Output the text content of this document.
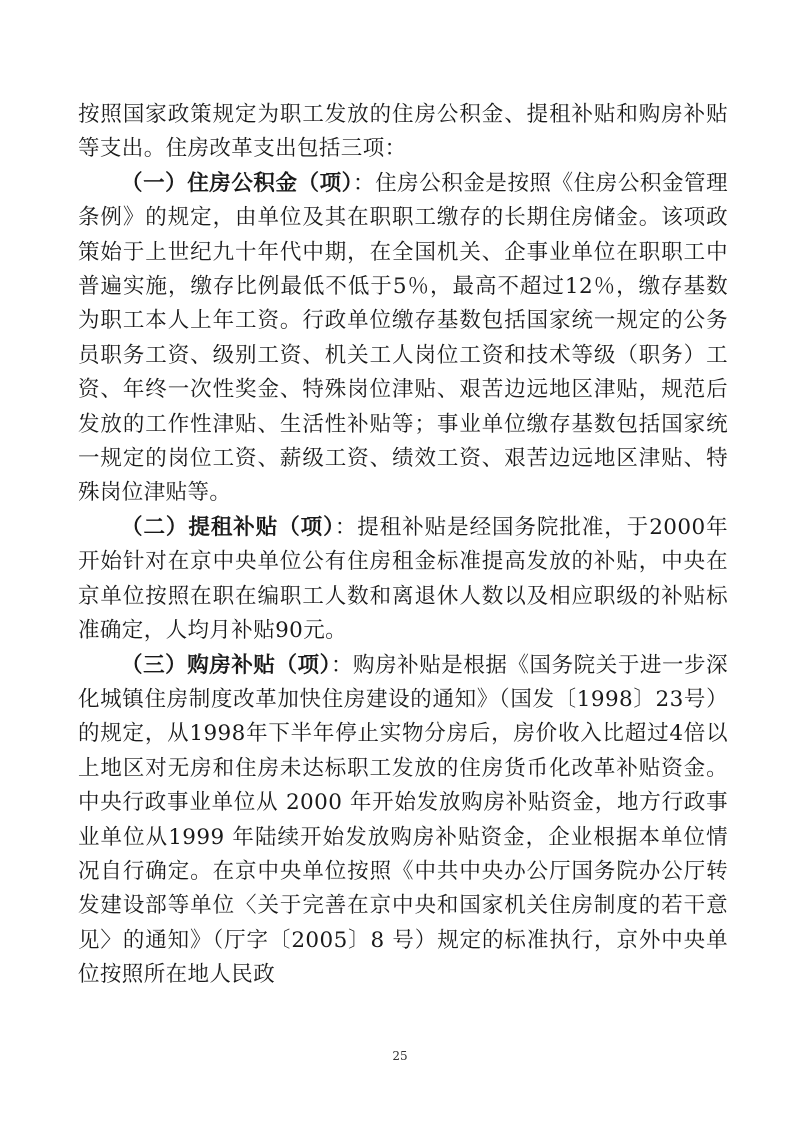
按照国家政策规定为职工发放的住房公积金、提租补贴和购房补贴等支出。住房改革支出包括三项：

（一）住房公积金（项）：住房公积金是按照《住房公积金管理条例》的规定，由单位及其在职职工缴存的长期住房储金。该项政策始于上世纪九十年代中期，在全国机关、企事业单位在职职工中普遍实施，缴存比例最低不低于5％，最高不超过12％，缴存基数为职工本人上年工资。行政单位缴存基数包括国家统一规定的公务员职务工资、级别工资、机关工人岗位工资和技术等级（职务）工资、年终一次性奖金、特殊岗位津贴、艰苦边远地区津贴，规范后发放的工作性津贴、生活性补贴等；事业单位缴存基数包括国家统一规定的岗位工资、薪级工资、绩效工资、艰苦边远地区津贴、特殊岗位津贴等。

（二）提租补贴（项）：提租补贴是经国务院批准，于2000年开始针对在京中央单位公有住房租金标准提高发放的补贴，中央在京单位按照在职在编职工人数和离退休人数以及相应职级的补贴标准确定，人均月补贴90元。

（三）购房补贴（项）：购房补贴是根据《国务院关于进一步深化城镇住房制度改革加快住房建设的通知》（国发〔1998〕23号）的规定，从1998年下半年停止实物分房后，房价收入比超过4倍以上地区对无房和住房未达标职工发放的住房货币化改革补贴资金。中央行政事业单位从 2000 年开始发放购房补贴资金，地方行政事业单位从1999 年陆续开始发放购房补贴资金，企业根据本单位情况自行确定。在京中央单位按照《中共中央办公厅国务院办公厅转发建设部等单位〈关于完善在京中央和国家机关住房制度的若干意见〉的通知》（厅字〔2005〕8 号）规定的标准执行，京外中央单位按照所在地人民政

25
